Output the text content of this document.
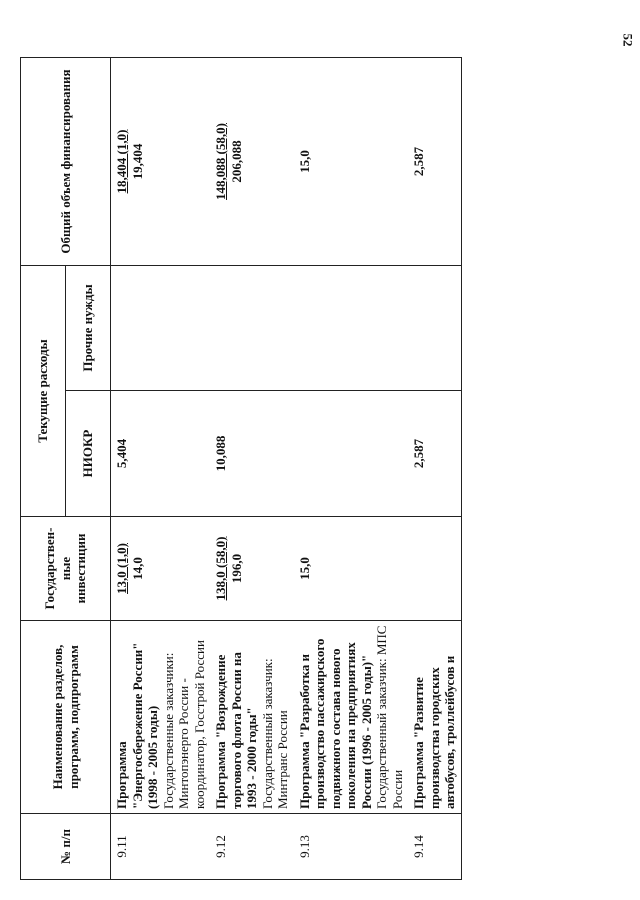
52
№ п/п	Наименование разделов, программ, подпрограмм	Государствен-ные инвестиции	Текущие расходы		Общий объем финансирования
			НИОКР	Прочие нужды	
9.11	Программа "Энергосбережение России" (1998 - 2005 годы) Государственные заказчики: Минтопэнерго России - координатор, Госстрой России	13,0 (1,0) 14,0	5,404		18,404 (1,0) 19,404

9.12	Программа "Возрождение торгового флота России на 1993 - 2000 годы" Государственный заказчик: Минтранс России	138,0 (58,0) 196,0	10,088		148,088 (58,0) 206,088

9.13	Программа "Разработка и производство пассажирского подвижного состава нового поколения на предприятиях России (1996 - 2005 годы)" Государственный заказчик: МПС России	15,0			15,0

9.14	Программа "Развитие производства городских автобусов, троллейбусов и		2,587		2,587
